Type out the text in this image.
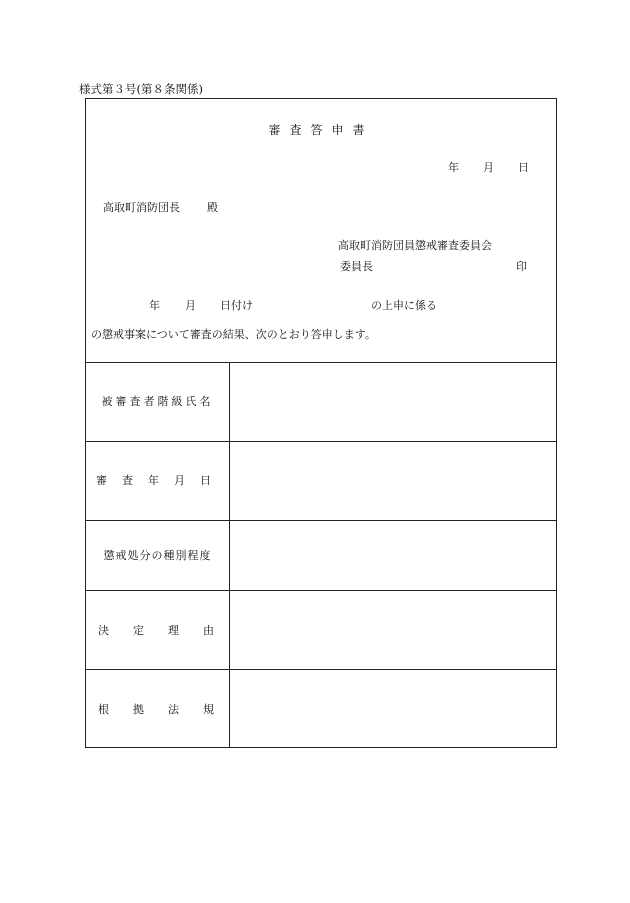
様式第３号(第８条関係)
審査答申書
年 月 日
高取町消防団長 殿
高取町消防団員懲戒審査委員会
委員長	印
年 月 日付け	の上申に係る
の懲戒事案について審査の結果、次のとおり答申します。
被審査者階級氏名
審査年月日
懲戒処分の種別程度
決定理由
根拠法規
